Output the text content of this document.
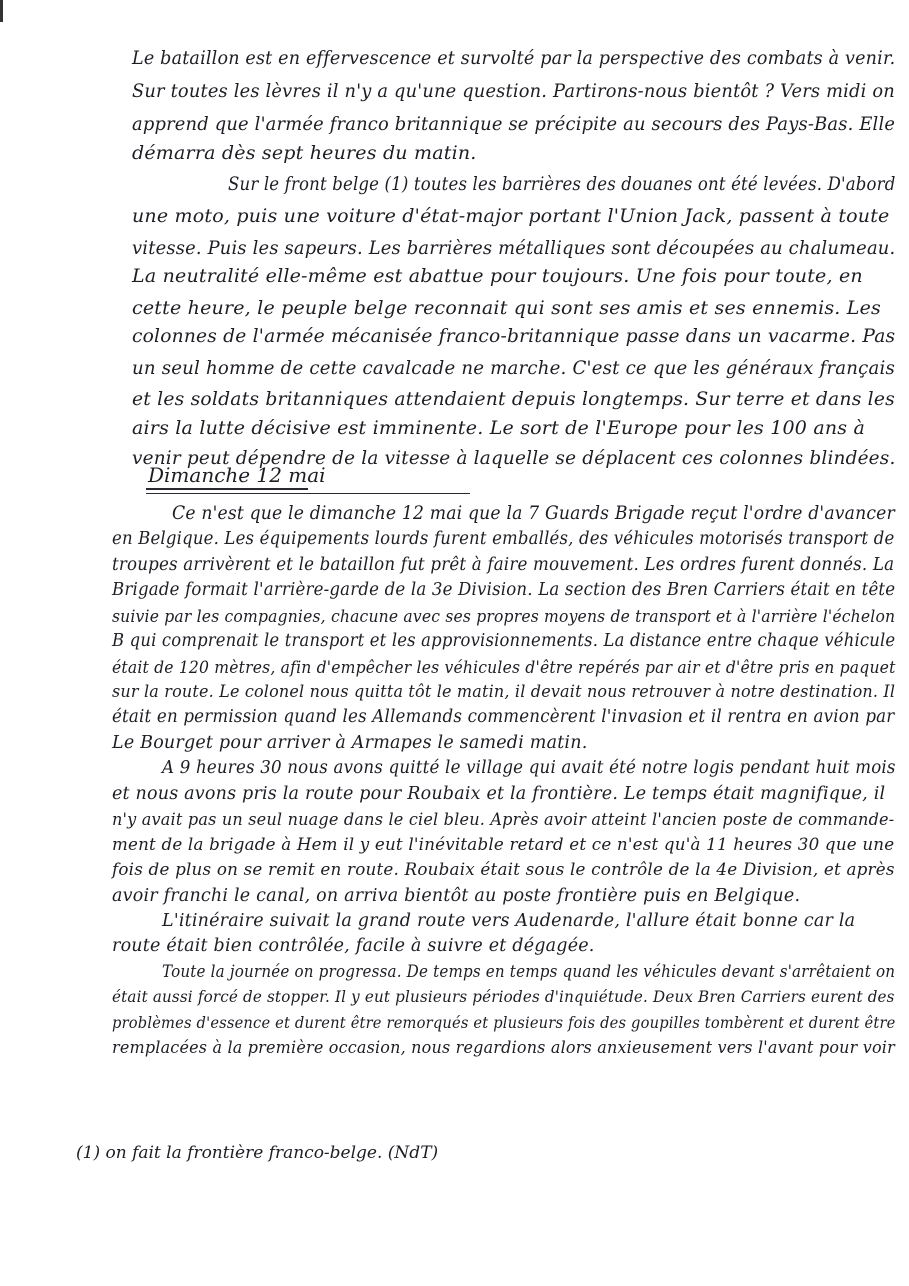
Le bataillon est en effervescence et survolté par la perspective des combats à venir.
Sur toutes les lèvres il n'y a qu'une question. Partirons-nous bientôt ? Vers midi on
apprend que l'armée franco britannique se précipite au secours des Pays-Bas. Elle
démarra dès sept heures du matin.
Sur le front belge (1) toutes les barrières des douanes ont été levées. D'abord
une moto, puis une voiture d'état-major portant l'Union Jack, passent à toute
vitesse. Puis les sapeurs. Les barrières métalliques sont découpées au chalumeau.
La neutralité elle-même est abattue pour toujours. Une fois pour toute, en
cette heure, le peuple belge reconnait qui sont ses amis et ses ennemis. Les
colonnes de l'armée mécanisée franco-britannique passe dans un vacarme. Pas
un seul homme de cette cavalcade ne marche. C'est ce que les généraux français
et les soldats britanniques attendaient depuis longtemps. Sur terre et dans les
airs la lutte décisive est imminente. Le sort de l'Europe pour les 100 ans à
venir peut dépendre de la vitesse à laquelle se déplacent ces colonnes blindées.
Dimanche 12 mai
Ce n'est que le dimanche 12 mai que la 7 Guards Brigade reçut l'ordre d'avancer
en Belgique. Les équipements lourds furent emballés, des véhicules motorisés transport de
troupes arrivèrent et le bataillon fut prêt à faire mouvement. Les ordres furent donnés. La
Brigade formait l'arrière-garde de la 3e Division. La section des Bren Carriers était en tête
suivie par les compagnies, chacune avec ses propres moyens de transport et à l'arrière l'échelon
B qui comprenait le transport et les approvisionnements. La distance entre chaque véhicule
était de 120 mètres, afin d'empêcher les véhicules d'être repérés par air et d'être pris en paquet
sur la route. Le colonel nous quitta tôt le matin, il devait nous retrouver à notre destination. Il
était en permission quand les Allemands commencèrent l'invasion et il rentra en avion par
Le Bourget pour arriver à Armapes le samedi matin.
A 9 heures 30 nous avons quitté le village qui avait été notre logis pendant huit mois
et nous avons pris la route pour Roubaix et la frontière. Le temps était magnifique, il
n'y avait pas un seul nuage dans le ciel bleu. Après avoir atteint l'ancien poste de commande-
ment de la brigade à Hem il y eut l'inévitable retard et ce n'est qu'à 11 heures 30 que une
fois de plus on se remit en route. Roubaix était sous le contrôle de la 4e Division, et après
avoir franchi le canal, on arriva bientôt au poste frontière puis en Belgique.
L'itinéraire suivait la grand route vers Audenarde, l'allure était bonne car la
route était bien contrôlée, facile à suivre et dégagée.
Toute la journée on progressa. De temps en temps quand les véhicules devant s'arrêtaient on
était aussi forcé de stopper. Il y eut plusieurs périodes d'inquiétude. Deux Bren Carriers eurent des
problèmes d'essence et durent être remorqués et plusieurs fois des goupilles tombèrent et durent être
remplacées à la première occasion, nous regardions alors anxieusement vers l'avant pour voir
(1) on fait la frontière franco-belge. (NdT)
